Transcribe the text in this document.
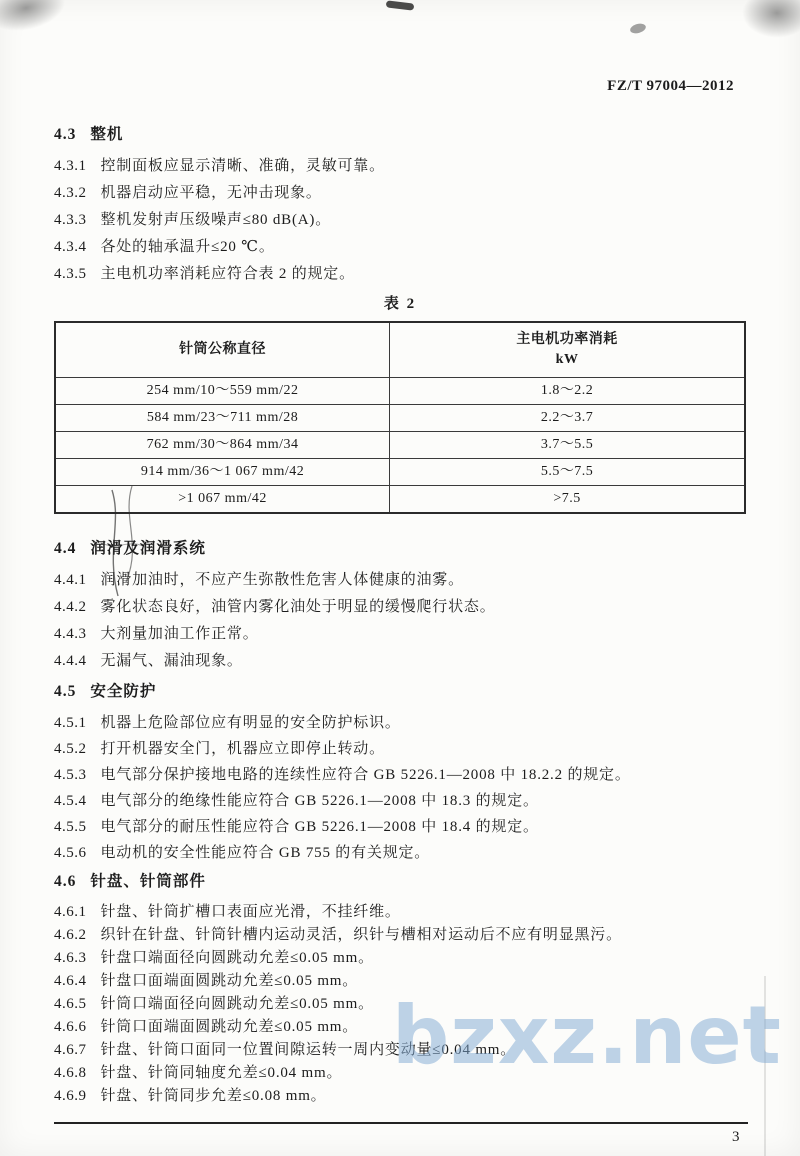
FZ/T 97004—2012
4.3 整机

4.3.1 控制面板应显示清晰、准确，灵敏可靠。

4.3.2 机器启动应平稳，无冲击现象。

4.3.3 整机发射声压级噪声≤80 dB(A)。

4.3.4 各处的轴承温升≤20 ℃。

4.3.5 主电机功率消耗应符合表 2 的规定。

表 2
针筒公称直径	主电机功率消耗
kW

254 mm/10～559 mm/22	1.8～2.2
584 mm/23～711 mm/28	2.2～3.7
762 mm/30～864 mm/34	3.7～5.5
914 mm/36～1 067 mm/42	5.5～7.5
>1 067 mm/42	>7.5
4.4 润滑及润滑系统

4.4.1 润滑加油时，不应产生弥散性危害人体健康的油雾。

4.4.2 雾化状态良好，油管内雾化油处于明显的缓慢爬行状态。

4.4.3 大剂量加油工作正常。

4.4.4 无漏气、漏油现象。

4.5 安全防护

4.5.1 机器上危险部位应有明显的安全防护标识。

4.5.2 打开机器安全门，机器应立即停止转动。

4.5.3 电气部分保护接地电路的连续性应符合 GB 5226.1—2008 中 18.2.2 的规定。

4.5.4 电气部分的绝缘性能应符合 GB 5226.1—2008 中 18.3 的规定。

4.5.5 电气部分的耐压性能应符合 GB 5226.1—2008 中 18.4 的规定。

4.5.6 电动机的安全性能应符合 GB 755 的有关规定。

4.6 针盘、针筒部件

4.6.1 针盘、针筒扩槽口表面应光滑，不挂纤维。

4.6.2 织针在针盘、针筒针槽内运动灵活，织针与槽相对运动后不应有明显黑污。

4.6.3 针盘口端面径向圆跳动允差≤0.05 mm。

4.6.4 针盘口面端面圆跳动允差≤0.05 mm。

4.6.5 针筒口端面径向圆跳动允差≤0.05 mm。

4.6.6 针筒口面端面圆跳动允差≤0.05 mm。

4.6.7 针盘、针筒口面同一位置间隙运转一周内变动量≤0.04 mm。

4.6.8 针盘、针筒同轴度允差≤0.04 mm。

4.6.9 针盘、针筒同步允差≤0.08 mm。

bzxz.net
3
